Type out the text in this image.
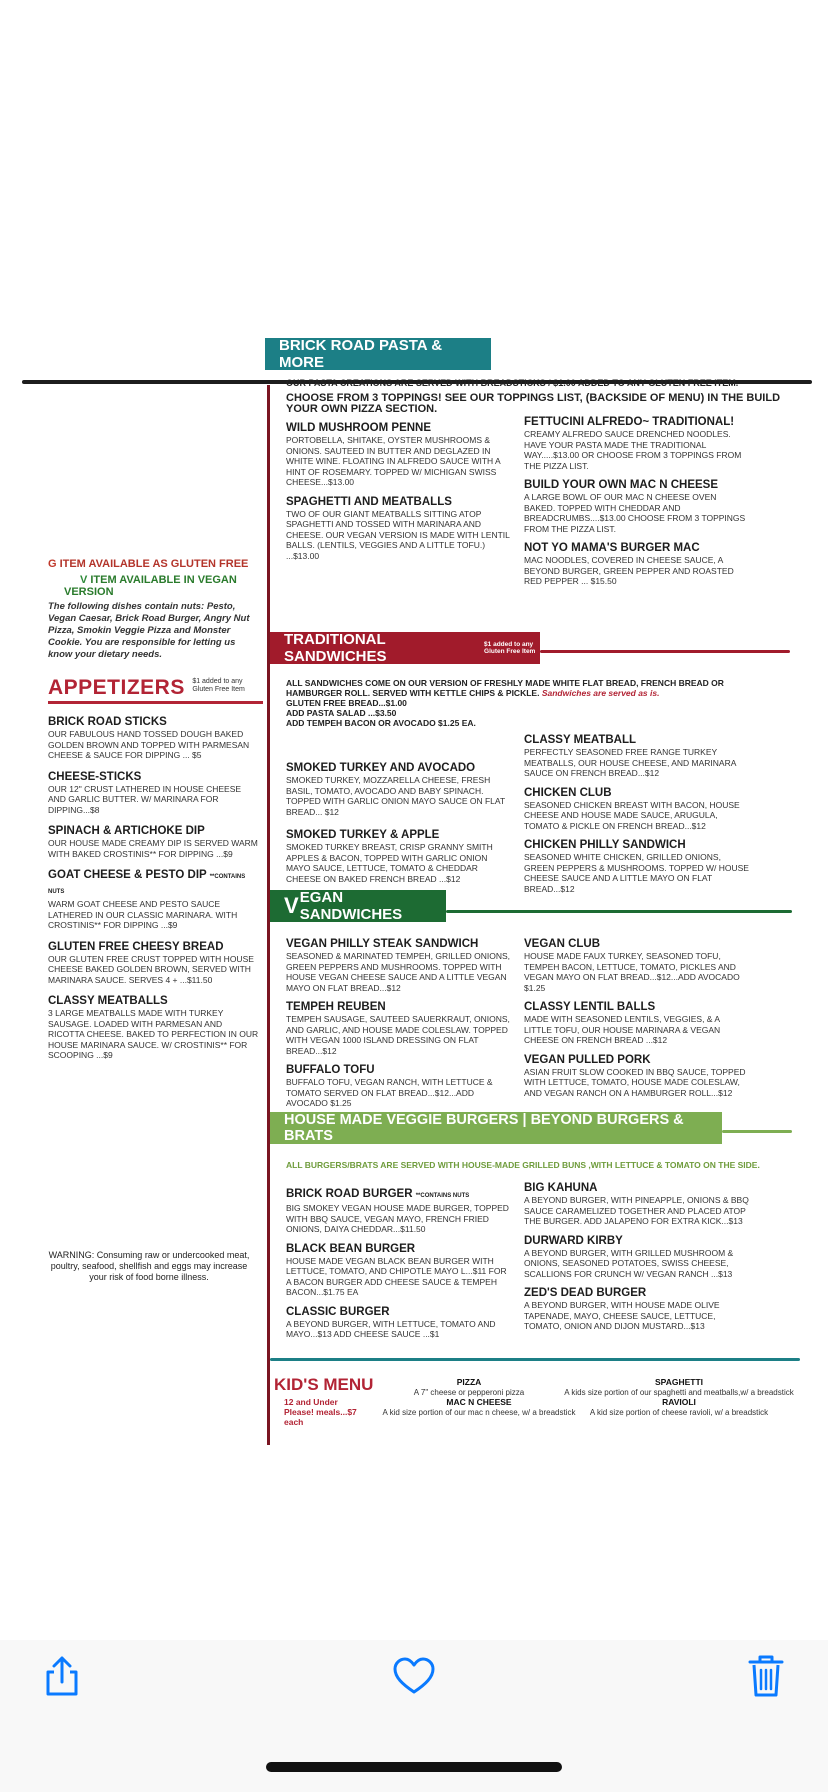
G ITEM AVAILABLE AS GLUTEN FREE
V ITEM AVAILABLE IN VEGAN VERSION
The following dishes contain nuts: Pesto, Vegan Caesar, Brick Road Burger, Angry Nut Pizza, Smokin Veggie Pizza and Monster Cookie. You are responsible for letting us know your dietary needs.
APPETIZERS $1 added to any Gluten Free Item
BRICK ROAD STICKS
OUR FABULOUS HAND TOSSED DOUGH BAKED GOLDEN BROWN AND TOPPED WITH PARMESAN CHEESE & SAUCE FOR DIPPING ... $5
CHEESE-STICKS
OUR 12" CRUST LATHERED IN HOUSE CHEESE AND GARLIC BUTTER. W/ MARINARA FOR DIPPING...$8
SPINACH & ARTICHOKE DIP
OUR HOUSE MADE CREAMY DIP IS SERVED WARM WITH BAKED CROSTINIS** FOR DIPPING ...$9
GOAT CHEESE & PESTO DIP **CONTAINS NUTS
WARM GOAT CHEESE AND PESTO SAUCE LATHERED IN OUR CLASSIC MARINARA. WITH CROSTINIS** FOR DIPPING ...$9
GLUTEN FREE CHEESY BREAD
OUR GLUTEN FREE CRUST TOPPED WITH HOUSE CHEESE BAKED GOLDEN BROWN, SERVED WITH MARINARA SAUCE. SERVES 4 + ...$11.50
CLASSY MEATBALLS
3 LARGE MEATBALLS MADE WITH TURKEY SAUSAGE. LOADED WITH PARMESAN AND RICOTTA CHEESE. BAKED TO PERFECTION IN OUR HOUSE MARINARA SAUCE. W/ CROSTINIS** FOR SCOOPING ...$9
WARNING: Consuming raw or undercooked meat, poultry, seafood, shellfish and eggs may increase your risk of food borne illness.
BRICK ROAD PASTA & MORE
OUR PASTA CREATIONS ARE SERVED WITH BREADSTICKS / $1.00 ADDED TO ANY GLUTEN FREE ITEM.
CHOOSE FROM 3 TOPPINGS! SEE OUR TOPPINGS LIST, (BACKSIDE OF MENU) IN THE BUILD YOUR OWN PIZZA SECTION.
WILD MUSHROOM PENNE
PORTOBELLA, SHITAKE, OYSTER MUSHROOMS & ONIONS. SAUTEED IN BUTTER AND DEGLAZED IN WHITE WINE. FLOATING IN ALFREDO SAUCE WITH A HINT OF ROSEMARY. TOPPED W/ MICHIGAN SWISS CHEESE...$13.00
SPAGHETTI AND MEATBALLS
TWO OF OUR GIANT MEATBALLS SITTING ATOP SPAGHETTI AND TOSSED WITH MARINARA AND CHEESE. OUR VEGAN VERSION IS MADE WITH LENTIL BALLS. (LENTILS, VEGGIES AND A LITTLE TOFU.) ...$13.00
FETTUCINI ALFREDO~ TRADITIONAL!
CREAMY ALFREDO SAUCE DRENCHED NOODLES. HAVE YOUR PASTA MADE THE TRADITIONAL WAY.....$13.00 OR CHOOSE FROM 3 TOPPINGS FROM THE PIZZA LIST.
BUILD YOUR OWN MAC N CHEESE
A LARGE BOWL OF OUR MAC N CHEESE OVEN BAKED. TOPPED WITH CHEDDAR AND BREADCRUMBS....$13.00 CHOOSE FROM 3 TOPPINGS FROM THE PIZZA LIST.
NOT YO MAMA'S BURGER MAC
MAC NOODLES, COVERED IN CHEESE SAUCE, A BEYOND BURGER, GREEN PEPPER AND ROASTED RED PEPPER ... $15.50
TRADITIONAL SANDWICHES
$1 added to any Gluten Free Item
ALL SANDWICHES COME ON OUR VERSION OF FRESHLY MADE WHITE FLAT BREAD, FRENCH BREAD OR HAMBURGER ROLL. SERVED WITH KETTLE CHIPS & PICKLE. Sandwiches are served as is.
GLUTEN FREE BREAD...$1.00
ADD PASTA SALAD ...$3.50
ADD TEMPEH BACON OR AVOCADO $1.25 EA.
SMOKED TURKEY AND AVOCADO
SMOKED TURKEY, MOZZARELLA CHEESE, FRESH BASIL, TOMATO, AVOCADO AND BABY SPINACH. TOPPED WITH GARLIC ONION MAYO SAUCE ON FLAT BREAD... $12
SMOKED TURKEY & APPLE
SMOKED TURKEY BREAST, CRISP GRANNY SMITH APPLES & BACON, TOPPED WITH GARLIC ONION MAYO SAUCE, LETTUCE, TOMATO & CHEDDAR CHEESE ON BAKED FRENCH BREAD ...$12
CLASSY MEATBALL
PERFECTLY SEASONED FREE RANGE TURKEY MEATBALLS, OUR HOUSE CHEESE, AND MARINARA SAUCE ON FRENCH BREAD...$12
CHICKEN CLUB
SEASONED CHICKEN BREAST WITH BACON, HOUSE CHEESE AND HOUSE MADE SAUCE, ARUGULA, TOMATO & PICKLE ON FRENCH BREAD...$12
CHICKEN PHILLY SANDWICH
SEASONED WHITE CHICKEN, GRILLED ONIONS, GREEN PEPPERS & MUSHROOMS. TOPPED W/ HOUSE CHEESE SAUCE AND A LITTLE MAYO ON FLAT BREAD...$12
V EGAN SANDWICHES
VEGAN PHILLY STEAK SANDWICH
SEASONED & MARINATED TEMPEH, GRILLED ONIONS, GREEN PEPPERS AND MUSHROOMS. TOPPED WITH HOUSE VEGAN CHEESE SAUCE AND A LITTLE VEGAN MAYO ON FLAT BREAD...$12
TEMPEH REUBEN
TEMPEH SAUSAGE, SAUTEED SAUERKRAUT, ONIONS, AND GARLIC, AND HOUSE MADE COLESLAW. TOPPED WITH VEGAN 1000 ISLAND DRESSING ON FLAT BREAD...$12
BUFFALO TOFU
BUFFALO TOFU, VEGAN RANCH, WITH LETTUCE & TOMATO SERVED ON FLAT BREAD...$12...ADD AVOCADO $1.25
VEGAN CLUB
HOUSE MADE FAUX TURKEY, SEASONED TOFU, TEMPEH BACON, LETTUCE, TOMATO, PICKLES AND VEGAN MAYO ON FLAT BREAD...$12...ADD AVOCADO $1.25
CLASSY LENTIL BALLS
MADE WITH SEASONED LENTILS, VEGGIES, & A LITTLE TOFU, OUR HOUSE MARINARA & VEGAN CHEESE ON FRENCH BREAD ...$12
VEGAN PULLED PORK
ASIAN FRUIT SLOW COOKED IN BBQ SAUCE, TOPPED WITH LETTUCE, TOMATO, HOUSE MADE COLESLAW, AND VEGAN RANCH ON A HAMBURGER ROLL...$12
HOUSE MADE VEGGIE BURGERS | BEYOND BURGERS & BRATS
ALL BURGERS/BRATS ARE SERVED WITH HOUSE-MADE GRILLED BUNS ,WITH LETTUCE & TOMATO ON THE SIDE.
BRICK ROAD BURGER **CONTAINS NUTS
BIG SMOKEY VEGAN HOUSE MADE BURGER, TOPPED WITH BBQ SAUCE, VEGAN MAYO, FRENCH FRIED ONIONS, DAIYA CHEDDAR...$11.50
BLACK BEAN BURGER
HOUSE MADE VEGAN BLACK BEAN BURGER WITH LETTUCE, TOMATO, AND CHIPOTLE MAYO L...$11 FOR A BACON BURGER ADD CHEESE SAUCE & TEMPEH BACON...$1.75 EA
CLASSIC BURGER
A BEYOND BURGER, WITH LETTUCE, TOMATO AND MAYO...$13 ADD CHEESE SAUCE ...$1
BIG KAHUNA
A BEYOND BURGER, WITH PINEAPPLE, ONIONS & BBQ SAUCE CARAMELIZED TOGETHER AND PLACED ATOP THE BURGER. ADD JALAPENO FOR EXTRA KICK...$13
DURWARD KIRBY
A BEYOND BURGER, WITH GRILLED MUSHROOM & ONIONS, SEASONED POTATOES, SWISS CHEESE, SCALLIONS FOR CRUNCH W/ VEGAN RANCH ...$13
ZED'S DEAD BURGER
A BEYOND BURGER, WITH HOUSE MADE OLIVE TAPENADE, MAYO, CHEESE SAUCE, LETTUCE, TOMATO, ONION AND DIJON MUSTARD...$13
KID'S MENU
12 and Under Please! meals...$7 each
PIZZA
A 7" cheese or pepperoni pizza
MAC N CHEESE
A kid size portion of our mac n cheese, w/ a breadstick
SPAGHETTI
A kids size portion of our spaghetti and meatballs,w/ a breadstick
RAVIOLI
A kid size portion of cheese ravioli, w/ a breadstick
